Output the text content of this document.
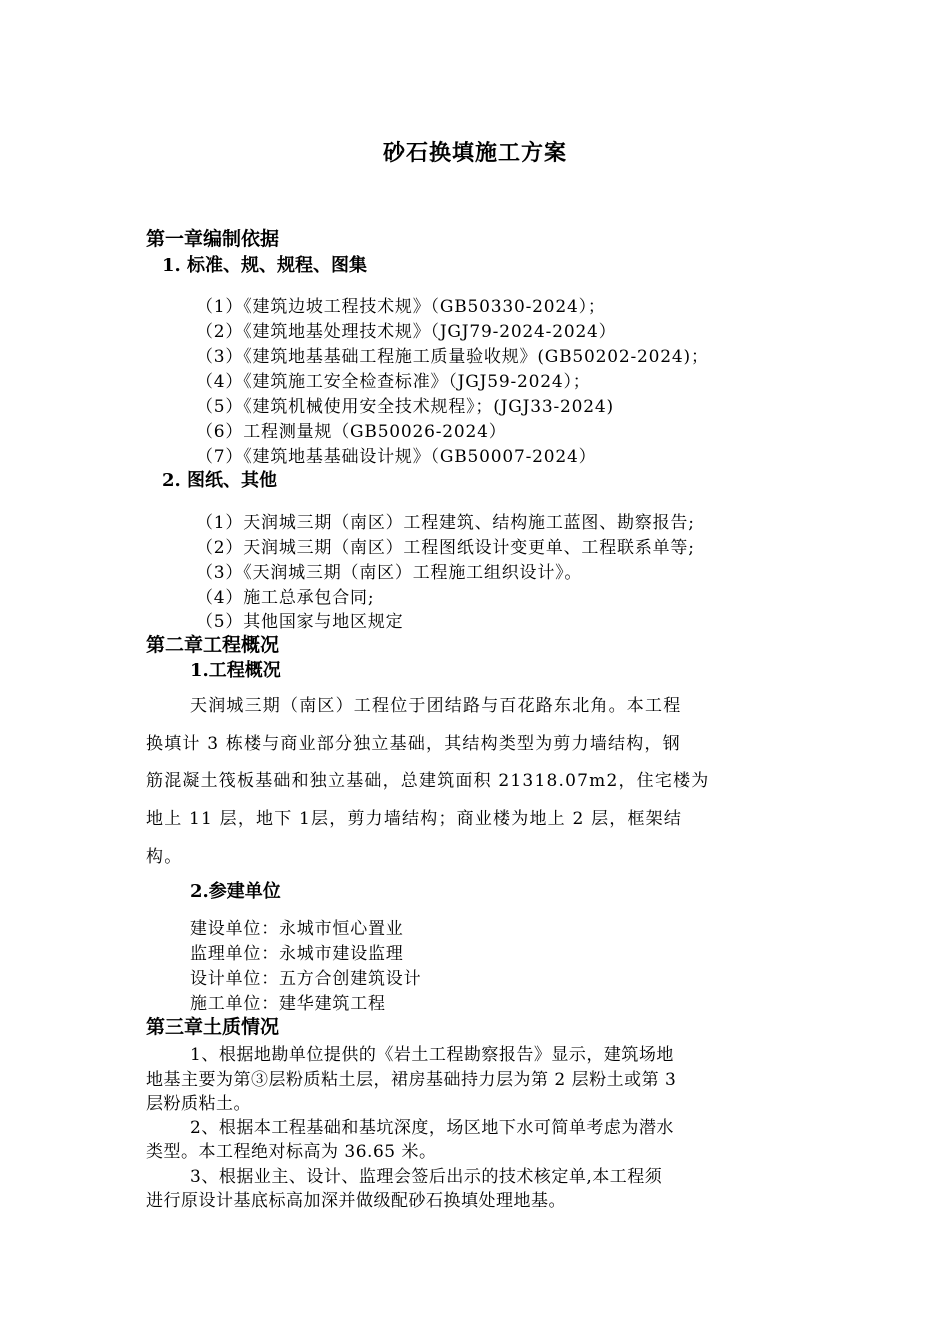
砂石换填施工方案
第一章编制依据
1. 标准、规、规程、图集
（1）《建筑边坡工程技术规》（GB50330-2024）；
（2）《建筑地基处理技术规》（JGJ79-2024-2024）
（3）《建筑地基基础工程施工质量验收规》(GB50202-2024)；
（4）《建筑施工安全检查标准》（JGJ59-2024）；
（5）《建筑机械使用安全技术规程》；(JGJ33-2024)
（6）工程测量规（GB50026-2024）
（7）《建筑地基基础设计规》（GB50007-2024）
2. 图纸、其他
（1）天润城三期（南区）工程建筑、结构施工蓝图、勘察报告;
（2）天润城三期（南区）工程图纸设计变更单、工程联系单等;
（3）《天润城三期（南区）工程施工组织设计》。
（4）施工总承包合同;
（5）其他国家与地区规定
第二章工程概况
1.工程概况
天润城三期（南区）工程位于团结路与百花路东北角。本工程
换填计 3 栋楼与商业部分独立基础，其结构类型为剪力墙结构，钢
筋混凝土筏板基础和独立基础，总建筑面积 21318.07m2，住宅楼为
地上 11 层，地下 1层，剪力墙结构；商业楼为地上 2 层，框架结
构。
2.参建单位
建设单位：永城市恒心置业
监理单位：永城市建设监理
设计单位：五方合创建筑设计
施工单位：建华建筑工程
第三章土质情况
1、根据地勘单位提供的《岩土工程勘察报告》显示，建筑场地
地基主要为第③层粉质粘土层，裙房基础持力层为第 2 层粉土或第 3
层粉质粘土。
2、根据本工程基础和基坑深度，场区地下水可简单考虑为潜水
类型。本工程绝对标高为 36.65 米。
3、根据业主、设计、监理会签后出示的技术核定单,本工程须
进行原设计基底标高加深并做级配砂石换填处理地基。
